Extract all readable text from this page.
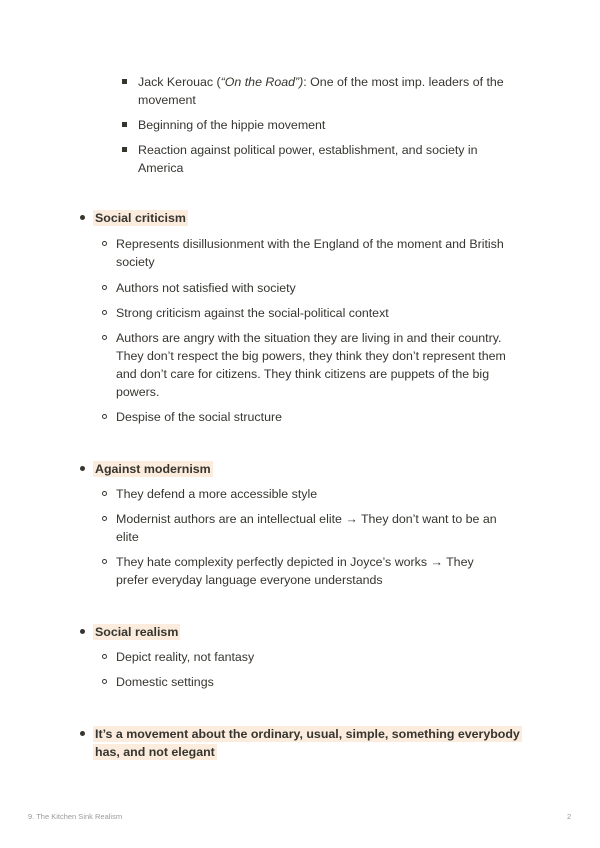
Jack Kerouac (“On the Road”): One of the most imp. leaders of the
movement
Beginning of the hippie movement
Reaction against political power, establishment, and society in
America
Social criticism
Represents disillusionment with the England of the moment and British
society
Authors not satisfied with society
Strong criticism against the social-political context
Authors are angry with the situation they are living in and their country.
They don’t respect the big powers, they think they don’t represent them
and don’t care for citizens. They think citizens are puppets of the big
powers.
Despise of the social structure
Against modernism
They defend a more accessible style
Modernist authors are an intellectual elite → They don’t want to be an
elite
They hate complexity perfectly depicted in Joyce’s works → They
prefer everyday language everyone understands
Social realism
Depict reality, not fantasy
Domestic settings
It’s a movement about the ordinary, usual, simple, something everybody
has, and not elegant
9. The Kitchen Sink Realism	2
